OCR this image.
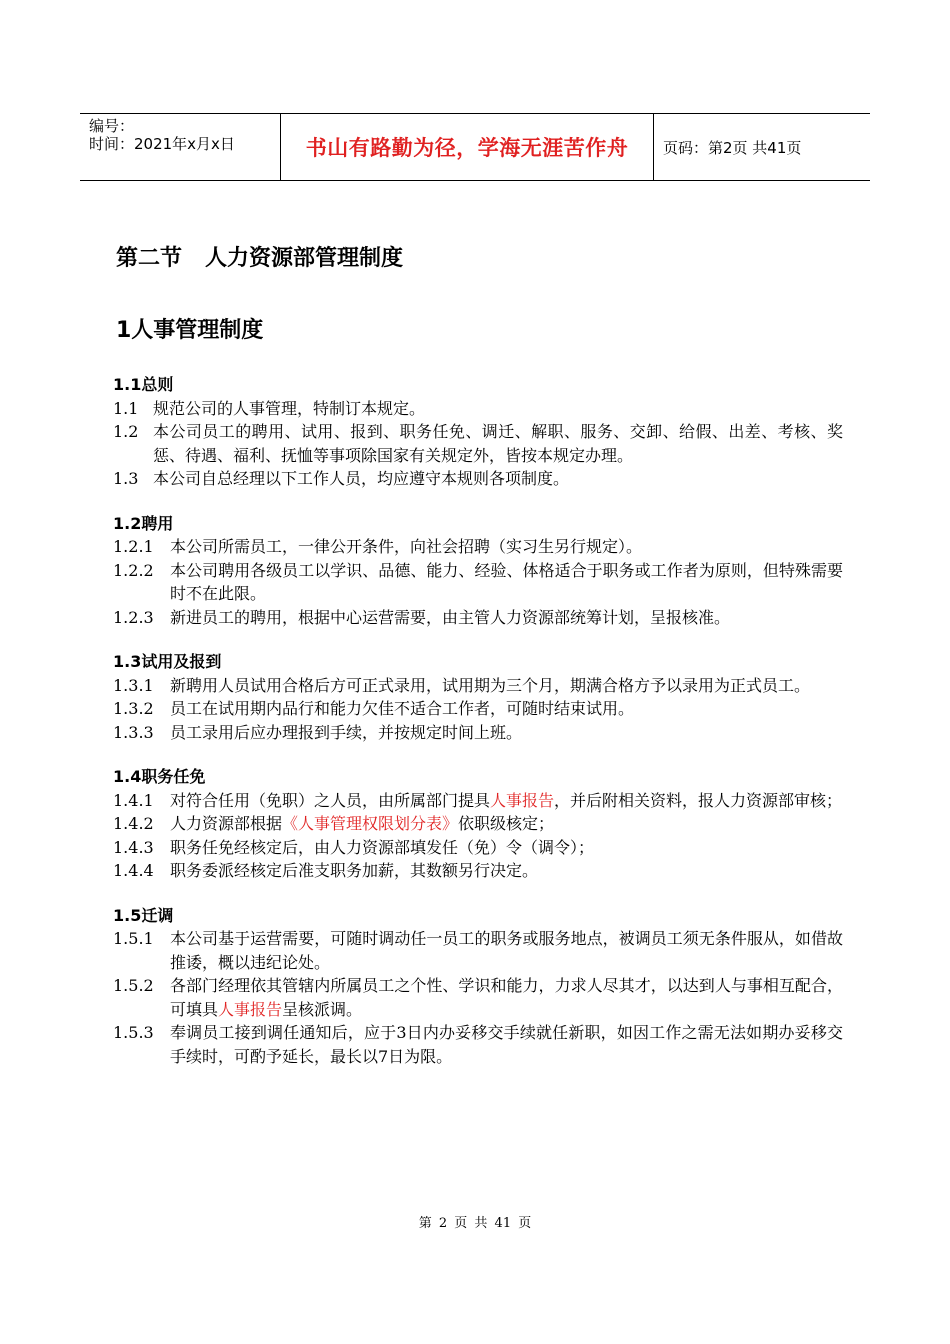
编号：
时间：2021年x月x日	书山有路勤为径，学海无涯苦作舟	页码：第2页 共41页
第二节   人力资源部管理制度
1人事管理制度
1.1总则
1.1 规范公司的人事管理，特制订本规定。
1.2 本公司员工的聘用、试用、报到、职务任免、调迁、解职、服务、交卸、给假、出差、考核、奖惩、待遇、福利、抚恤等事项除国家有关规定外，皆按本规定办理。
1.3 本公司自总经理以下工作人员，均应遵守本规则各项制度。
1.2聘用
1.2.1 本公司所需员工，一律公开条件，向社会招聘（实习生另行规定）。
1.2.2 本公司聘用各级员工以学识、品德、能力、经验、体格适合于职务或工作者为原则，但特殊需要时不在此限。
1.2.3 新进员工的聘用，根据中心运营需要，由主管人力资源部统筹计划，呈报核准。
1.3试用及报到
1.3.1 新聘用人员试用合格后方可正式录用，试用期为三个月，期满合格方予以录用为正式员工。
1.3.2 员工在试用期内品行和能力欠佳不适合工作者，可随时结束试用。
1.3.3 员工录用后应办理报到手续，并按规定时间上班。
1.4职务任免
1.4.1 对符合任用（免职）之人员，由所属部门提具人事报告，并后附相关资料，报人力资源部审核；
1.4.2 人力资源部根据《人事管理权限划分表》依职级核定；
1.4.3 职务任免经核定后，由人力资源部填发任（免）令（调令）；
1.4.4 职务委派经核定后准支职务加薪，其数额另行决定。
1.5迁调
1.5.1 本公司基于运营需要，可随时调动任一员工的职务或服务地点，被调员工须无条件服从，如借故推诿，概以违纪论处。
1.5.2 各部门经理依其管辖内所属员工之个性、学识和能力，力求人尽其才，以达到人与事相互配合，可填具人事报告呈核派调。
1.5.3 奉调员工接到调任通知后，应于3日内办妥移交手续就任新职，如因工作之需无法如期办妥移交手续时，可酌予延长，最长以7日为限。
第 2 页 共 41 页
